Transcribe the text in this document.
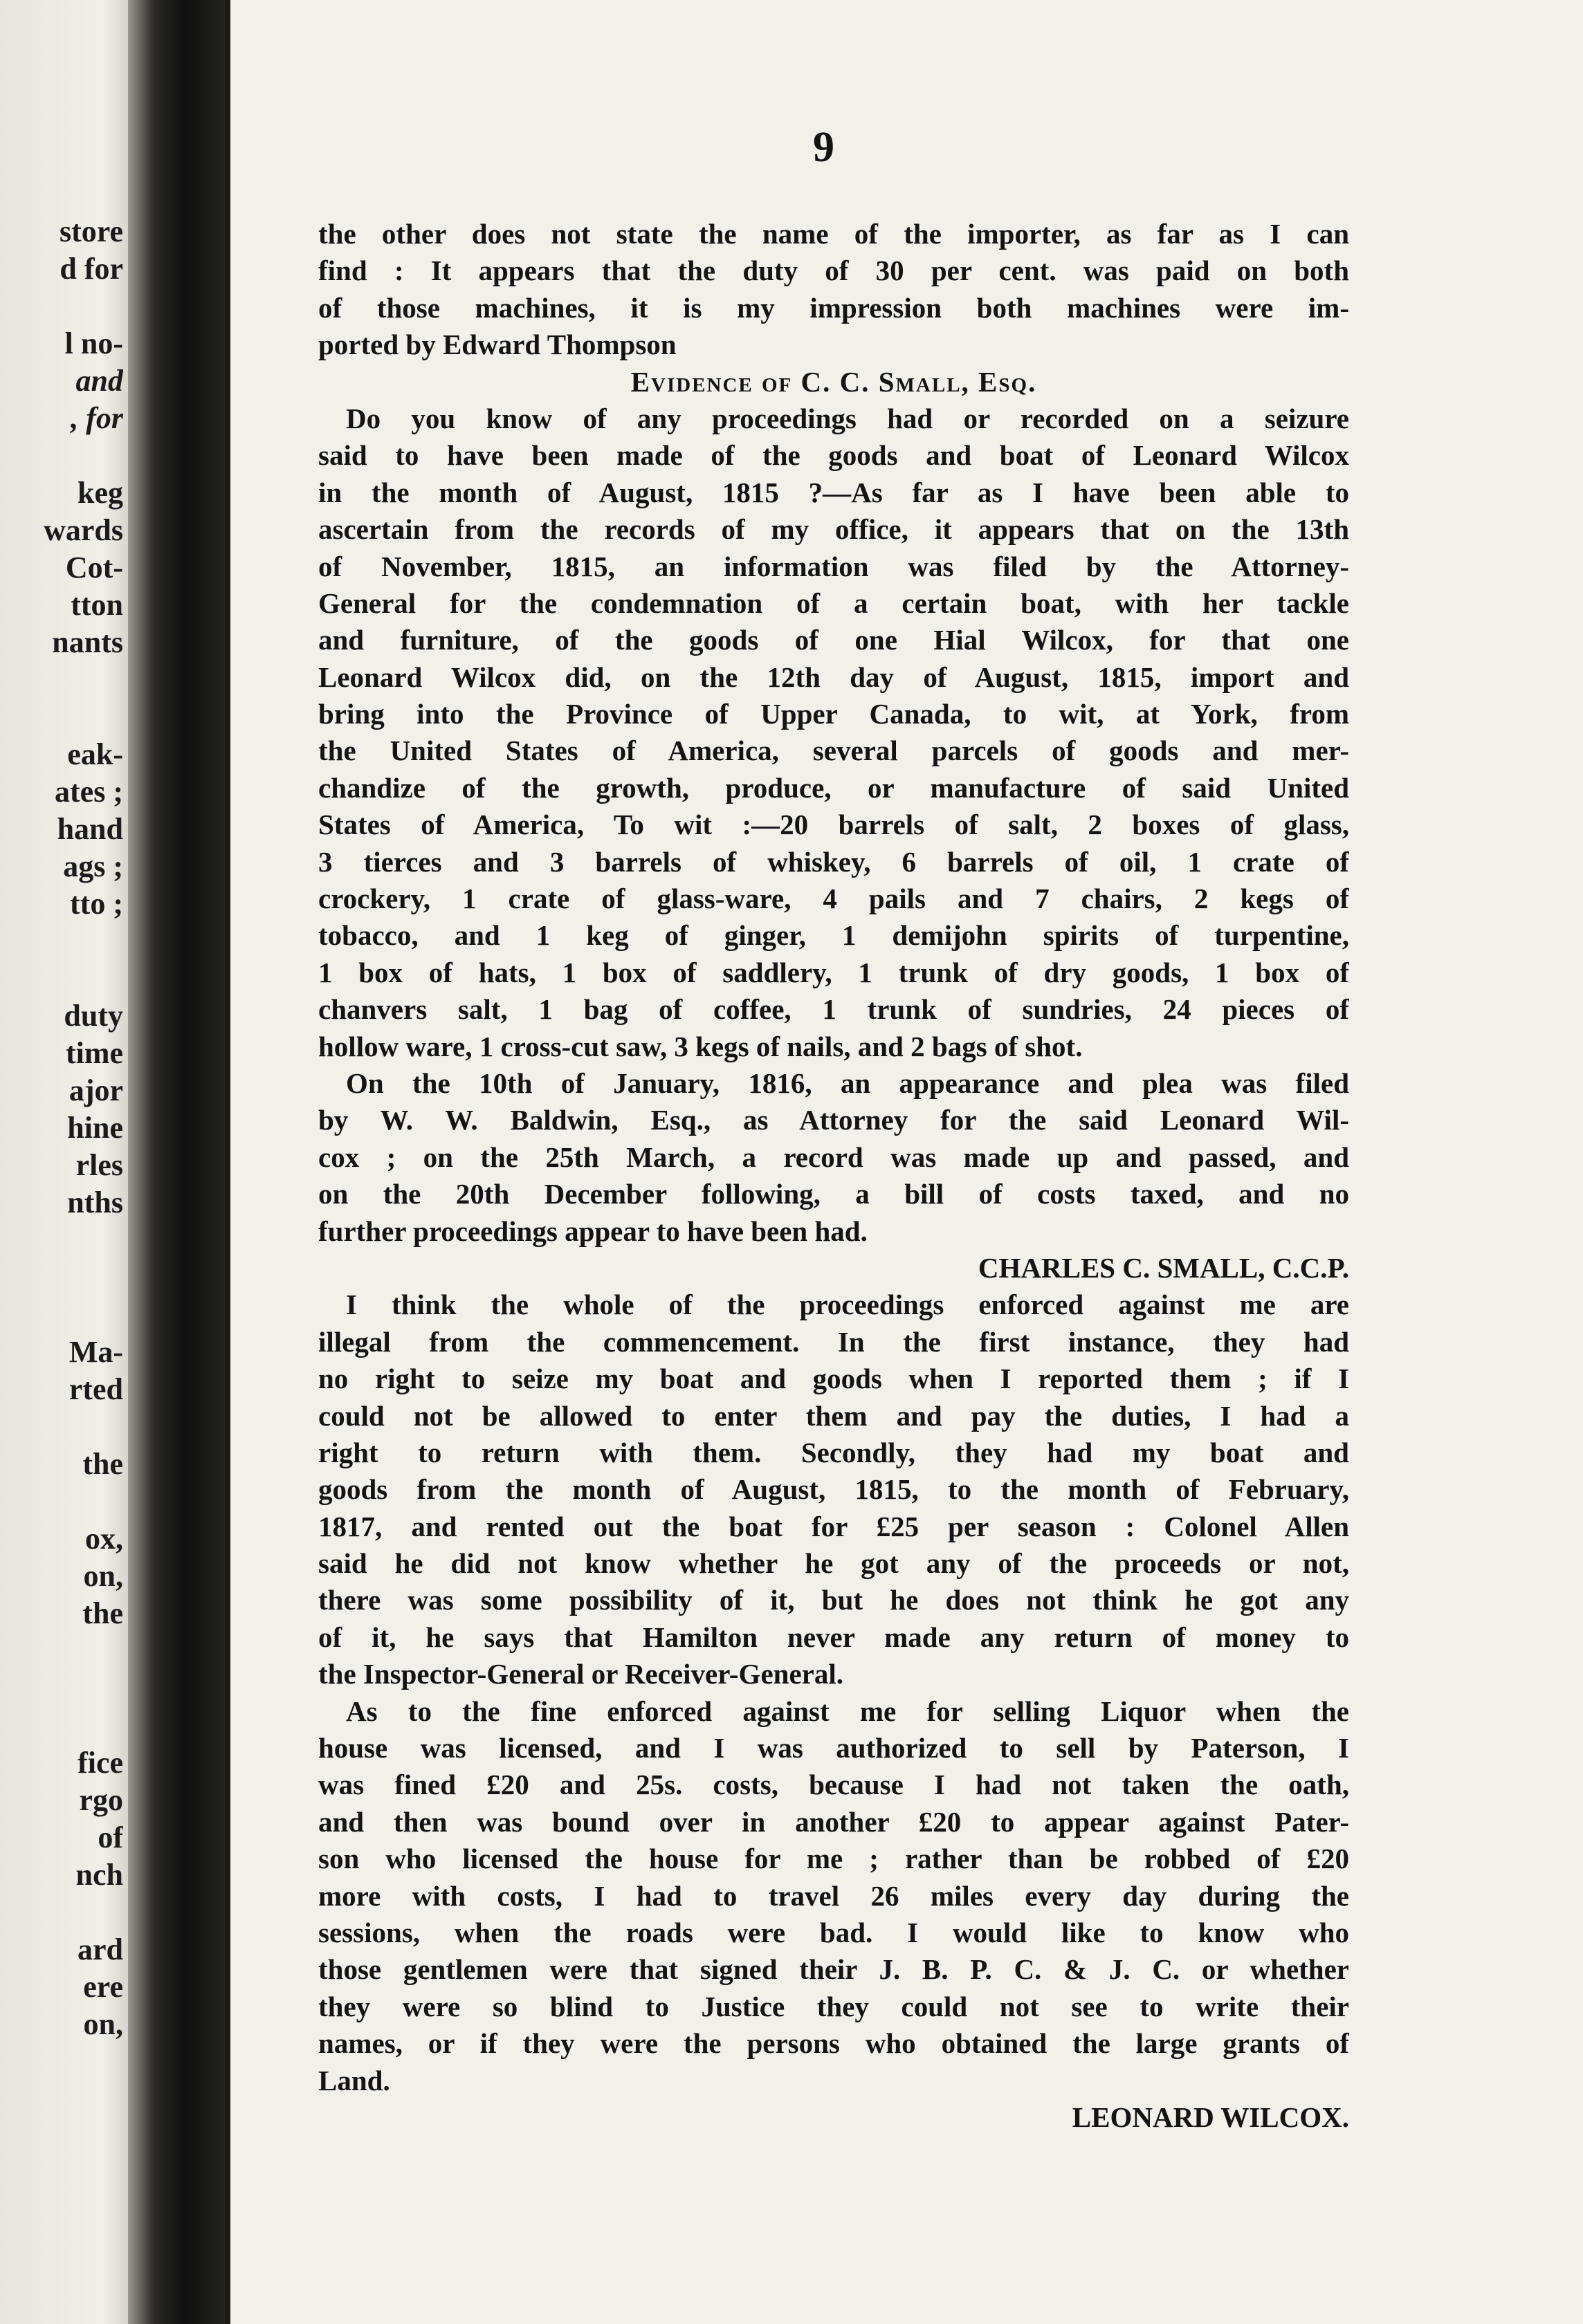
store
d for
l no-
and
, for
keg
wards
Cot-
tton
nants
eak-
ates ;
hand
ags ;
tto ;
duty
time
ajor
hine
rles
nths
Ma-
rted
the
ox,
on,
the
fice
rgo
of
nch
ard
ere
on,
9
the other does not state the name of the importer, as far as I can
find : It appears that the duty of 30 per cent. was paid on both
of those machines, it is my impression both machines were im-
ported by Edward Thompson
Evidence of C. C. Small, Esq.
Do you know of any proceedings had or recorded on a seizure
said to have been made of the goods and boat of Leonard Wilcox
in the month of August, 1815 ?—As far as I have been able to
ascertain from the records of my office, it appears that on the 13th
of November, 1815, an information was filed by the Attorney-
General for the condemnation of a certain boat, with her tackle
and furniture, of the goods of one Hial Wilcox, for that one
Leonard Wilcox did, on the 12th day of August, 1815, import and
bring into the Province of Upper Canada, to wit, at York, from
the United States of America, several parcels of goods and mer-
chandize of the growth, produce, or manufacture of said United
States of America, To wit :—20 barrels of salt, 2 boxes of glass,
3 tierces and 3 barrels of whiskey, 6 barrels of oil, 1 crate of
crockery, 1 crate of glass-ware, 4 pails and 7 chairs, 2 kegs of
tobacco, and 1 keg of ginger, 1 demijohn spirits of turpentine,
1 box of hats, 1 box of saddlery, 1 trunk of dry goods, 1 box of
chanvers salt, 1 bag of coffee, 1 trunk of sundries, 24 pieces of
hollow ware, 1 cross-cut saw, 3 kegs of nails, and 2 bags of shot.
On the 10th of January, 1816, an appearance and plea was filed
by W. W. Baldwin, Esq., as Attorney for the said Leonard Wil-
cox ; on the 25th March, a record was made up and passed, and
on the 20th December following, a bill of costs taxed, and no
further proceedings appear to have been had.
CHARLES C. SMALL, C.C.P.
I think the whole of the proceedings enforced against me are
illegal from the commencement. In the first instance, they had
no right to seize my boat and goods when I reported them ; if I
could not be allowed to enter them and pay the duties, I had a
right to return with them. Secondly, they had my boat and
goods from the month of August, 1815, to the month of February,
1817, and rented out the boat for £25 per season : Colonel Allen
said he did not know whether he got any of the proceeds or not,
there was some possibility of it, but he does not think he got any
of it, he says that Hamilton never made any return of money to
the Inspector-General or Receiver-General.
As to the fine enforced against me for selling Liquor when the
house was licensed, and I was authorized to sell by Paterson, I
was fined £20 and 25s. costs, because I had not taken the oath,
and then was bound over in another £20 to appear against Pater-
son who licensed the house for me ; rather than be robbed of £20
more with costs, I had to travel 26 miles every day during the
sessions, when the roads were bad. I would like to know who
those gentlemen were that signed their J. B. P. C. & J. C. or whether
they were so blind to Justice they could not see to write their
names, or if they were the persons who obtained the large grants of
Land.
LEONARD WILCOX.
